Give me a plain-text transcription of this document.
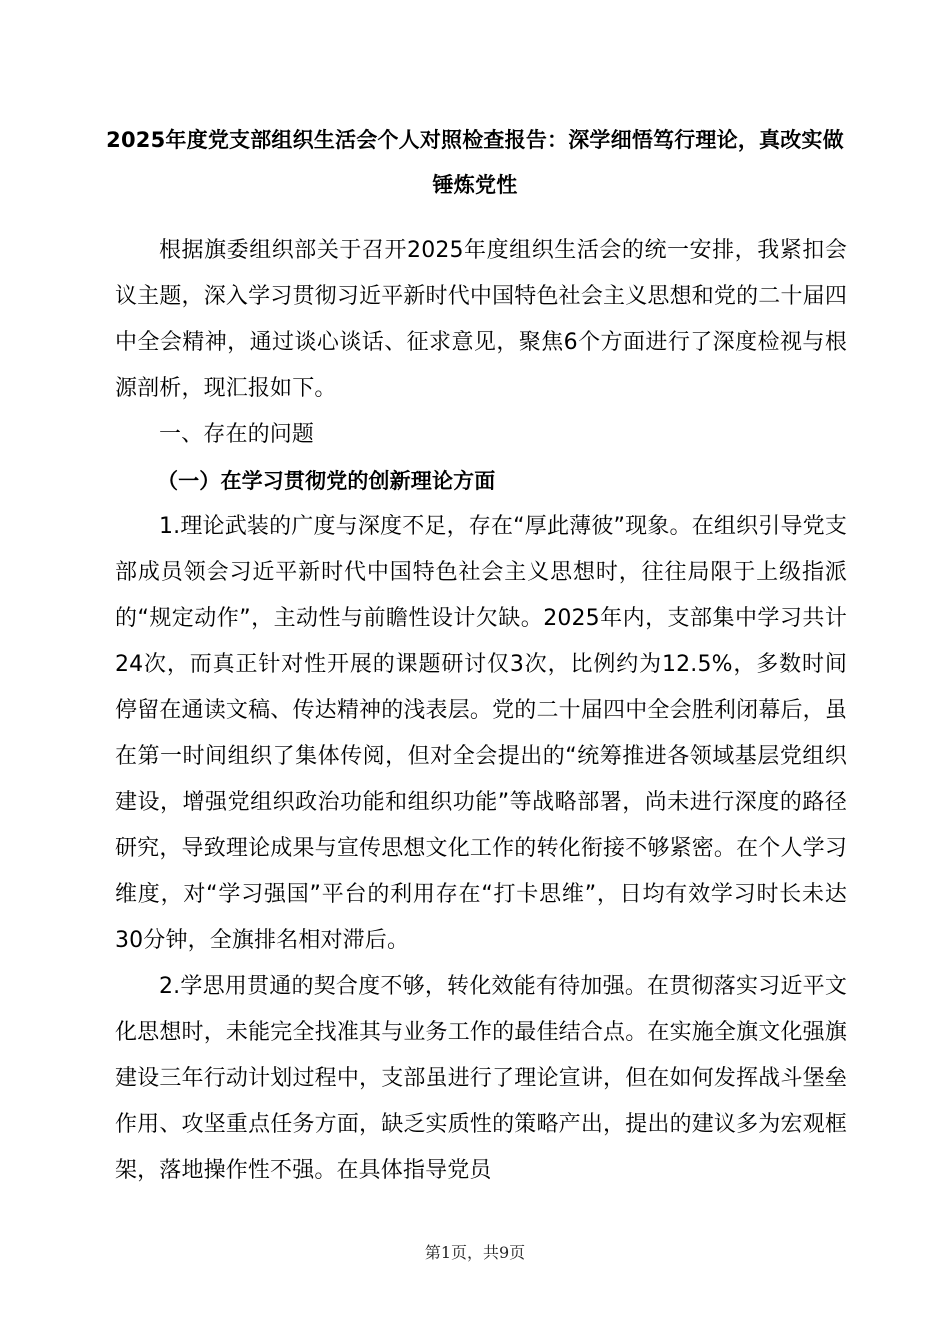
2025年度党支部组织生活会个人对照检查报告：深学细悟笃行理论，真改实做锤炼党性

根据旗委组织部关于召开2025年度组织生活会的统一安排，我紧扣会议主题，深入学习贯彻习近平新时代中国特色社会主义思想和党的二十届四中全会精神，通过谈心谈话、征求意见，聚焦6个方面进行了深度检视与根源剖析，现汇报如下。

一、存在的问题

（一）在学习贯彻党的创新理论方面

1.理论武装的广度与深度不足，存在“厚此薄彼”现象。在组织引导党支部成员领会习近平新时代中国特色社会主义思想时，往往局限于上级指派的“规定动作”，主动性与前瞻性设计欠缺。2025年内，支部集中学习共计24次，而真正针对性开展的课题研讨仅3次，比例约为12.5%，多数时间停留在通读文稿、传达精神的浅表层。党的二十届四中全会胜利闭幕后，虽在第一时间组织了集体传阅，但对全会提出的“统筹推进各领域基层党组织建设，增强党组织政治功能和组织功能”等战略部署，尚未进行深度的路径研究，导致理论成果与宣传思想文化工作的转化衔接不够紧密。在个人学习维度，对“学习强国”平台的利用存在“打卡思维”，日均有效学习时长未达30分钟，全旗排名相对滞后。

2.学思用贯通的契合度不够，转化效能有待加强。在贯彻落实习近平文化思想时，未能完全找准其与业务工作的最佳结合点。在实施全旗文化强旗建设三年行动计划过程中，支部虽进行了理论宣讲，但在如何发挥战斗堡垒作用、攻坚重点任务方面，缺乏实质性的策略产出，提出的建议多为宏观框架，落地操作性不强。在具体指导党员

第1页，共9页
